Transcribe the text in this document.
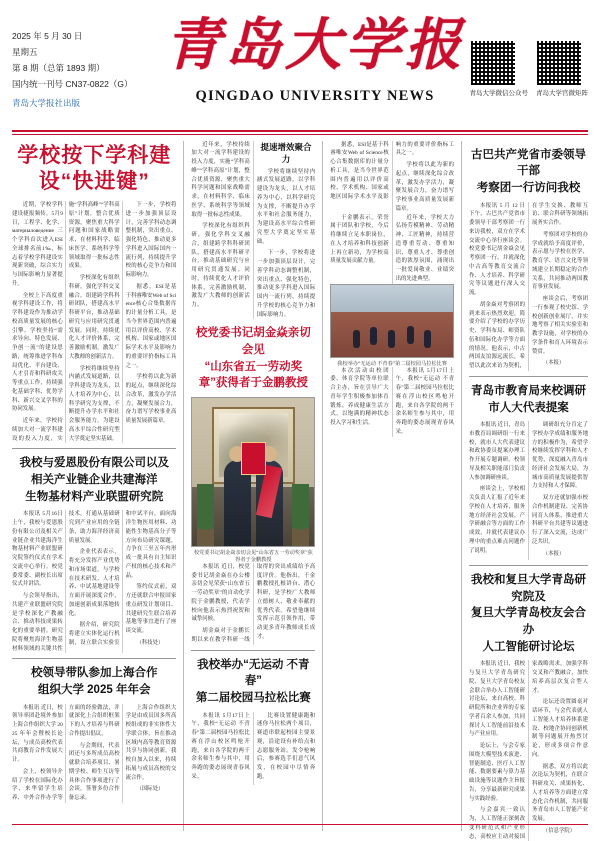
2025 年 5 月 30 日
星期五
第 8 期（总第 1893 期）
国内统一刊号 CN37-0822（G）
青岛大学报社出版
青岛大学报
QINGDAO UNIVERSITY NEWS	青岛大学微信公众号 青岛大学官微矩阵
学校按下学科建设“快进键”

近期，学校学科建设捷报频传。5月9日，工程学、化学、материаловедение三个学科首次进入ESI全球排名前1‰，标志着学校学科建设实现新突破，综合实力与国际影响力显著提升。

全校上下高度重视学科建设工作，将学科建设作为推动学校高质量发展的核心引擎。学校坚持“需求导向、特色发展、争创一流”的建设思路，统筹推进学科布局优化、平台建设、人才引育和科研攻关等重点工作，持续强化基础学科、优势学科、新兴交叉学科的协同发展。

近年来，学校持续加大对一流学科建设的投入力度，实施“学科高峰”“学科高原”计划，整合优质资源，聚焦重大科学问题和国家战略需求，在材料科学、临床医学、系统科学等领域取得一批标志性成果。

学校深化有组织科研，强化学科交叉融合，组建跨学科科研团队，搭建高水平科研平台，推动基础研究与应用研究贯通发展。同时，持续优化人才评价体系，完善激励机制，激发广大教师的创新活力。

学校将继续坚持内涵式发展道路，以学科建设为龙头，以人才培养为中心，以科学研究为支撑，不断提升办学水平和社会服务能力，为建设高水平综合性研究型大学奠定坚实基础。

下一步，学校将进一步加强顶层设计，完善学科动态调整机制，突出重点、强化特色，推动更多学科进入国际国内一流行列，持续提升学校的核心竞争力和国际影响力。

据悉，ESI是基于科睿唯安Web of Science核心合集数据库的计量分析工具，是当今世界范围内普遍用以评价高校、学术机构、国家或地区国际学术水平及影响力的重要评价指标工具之一。

学校将以此为新的起点，继续深化综合改革，激发办学活力，凝聚发展合力，奋力谱写学校事业高质量发展新篇章。

我校与爱恩股份有限公司以及
相关产业链企业共建海洋
生物基材料产业联盟研究院

本报讯 5月16日上午，我校与爱恩股份有限公司及相关产业链企业共建海洋生物基材料产业联盟研究院签约仪式在学术交流中心举行。校党委常委、副校长出席仪式并讲话。

与会领导指出，共建产业联盟研究院是学校深化产教融合、推动科技成果转化的重要举措。研究院将聚焦海洋生物基材料领域的关键共性技术，打通从基础研究到产业应用的全链条，助力海洋经济高质量发展。

企业代表表示，将充分发挥产业优势和市场渠道，与学校在技术研发、人才培养、中试基地建设等方面开展深度合作，加速创新成果落地转化。

据介绍，研究院将建立实体化运行机制，设立联合实验室和中试平台，面向海洋生物医用材料、功能性生物基高分子等方向布局研究课题，力争在三至五年内形成一批具有自主知识产权的核心技术和产品。

签约仪式前，双方还就联合申报国家重点研发计划项目、共建研究生联合培养基地等事宜进行了座谈交流。

（科技处）

校领导带队参加上海合作
组织大学 2025 年年会

本报讯 近日，校领导率团赴境外参加上海合作组织大学 2025 年年会暨校长论坛，与成员高校代表共商教育合作发展大计。

会上，校领导介绍了学校在国际化办学、来华留学生培养、中外合作办学等方面的经验做法，并就深化上合组织框架下的人才培养与科研合作提出倡议。

与会期间，代表团还与多所成员高校就联合培养项目、暑期学校、师生互访等具体合作事项进行了会谈，签署多份合作备忘录。

上海合作组织大学是由成员国多所高校组成的非实体性大学联合体，旨在推动区域内高等教育资源共享与协同创新。我校自加入以来，持续拓展与成员高校的交流合作。

（国际处）

近年来，学校持续加大对一流学科建设的投入力度，实施“学科高峰”“学科高原”计划，整合优质资源，聚焦重大科学问题和国家战略需求，在材料科学、临床医学、系统科学等领域取得一批标志性成果。

学校深化有组织科研，强化学科交叉融合，组建跨学科科研团队，搭建高水平科研平台，推动基础研究与应用研究贯通发展。同时，持续优化人才评价体系，完善激励机制，激发广大教师的创新活力。

提速增效聚合力

学校将继续坚持内涵式发展道路，以学科建设为龙头，以人才培养为中心，以科学研究为支撑，不断提升办学水平和社会服务能力，为建设高水平综合性研究型大学奠定坚实基础。

下一步，学校将进一步加强顶层设计，完善学科动态调整机制，突出重点、强化特色，推动更多学科进入国际国内一流行列，持续提升学校的核心竞争力和国际影响力。

校党委书记胡金焱亲切会见
“山东省五一劳动奖章”获得者于金鹏教授
校党委书记胡金焱亲切会见“山东省五一劳动奖章”获得者于金鹏教授

本报讯 近日，校党委书记胡金焱在办公楼亲切会见荣获“山东省五一劳动奖章”的自动化学院于金鹏教授，代表学校向他表示热烈祝贺和诚挚问候。

胡金焱对于金鹏长期以来在教学科研一线取得的突出成绩给予高度评价。他指出，于金鹏教授扎根讲台、潜心科研，是学校广大教师立德树人、敬业奉献的优秀代表。希望他继续发挥示范引领作用，带动更多青年教师成长成才。

我校举办“无运动 不青春”
第二届校园马拉松比赛

本报讯 5月17日上午，我校“无运动 不青春”第二届校园马拉松比赛在浮山校区鸣枪开跑，来自各学院的两千余名师生参与其中，用奔跑的姿态展现青春风采。

比赛设置健康跑和迷你马拉松两个项目，赛道串联起校园主要景观，沿途设有补给点和志愿服务站。发令枪响后，参赛选手们意气风发，在校园中尽情奔跑。

据悉，ESI是基于科睿唯安Web of Science核心合集数据库的计量分析工具，是当今世界范围内普遍用以评价高校、学术机构、国家或地区国际学术水平及影响力的重要评价指标工具之一。

学校将以此为新的起点，继续深化综合改革，激发办学活力，凝聚发展合力，奋力谱写学校事业高质量发展新篇章。

于金鹏表示，荣誉属于团队和学校，今后将继续立足本职岗位，在人才培养和科技创新上再立新功，为学校高质量发展贡献力量。

近年来，学校大力弘扬劳模精神、劳动精神、工匠精神，持续营造尊重劳动、尊重知识、尊重人才、尊重创造的浓厚氛围，涌现出一批爱岗敬业、业绩突出的先进典型。

我校举办“无运动 不青春”第二届校园马拉松比赛

本次活动由校团委、体育学院等单位联合主办，旨在引导广大青年学生积极参加体育锻炼，养成健康生活方式，以饱满的精神状态投入学习和生活。

本报讯 5月17日上午，我校“无运动 不青春”第二届校园马拉松比赛在浮山校区鸣枪开跑，来自各学院的两千余名师生参与其中，用奔跑的姿态展现青春风采。

古巴共产党省市委领导干部
考察团一行访问我校

本报讯 5 月 12 日下午，古巴共产党省市委领导干部考察团一行来访我校，双方在学术交流中心举行座谈会。校党委书记胡金焱会见考察团一行，并就深化中古高等教育交流合作、人才培养、科学研究等议题进行深入交流。

胡金焱对考察团的到来表示热烈欢迎，简要介绍了学校的办学历史、学科布局、师资队伍和国际化办学等方面的情况。他表示，中古两国友谊源远流长，希望以此次来访为契机，在学生交换、教师互访、联合科研等领域拓展务实合作。

考察团对学校的办学成就给予高度评价，表示愿与学校在医学、教育学、语言文化等领域建立长期稳定的合作关系，共同推动两国教育事业发展。

座谈会后，考察团一行参观了校史馆、学校创新创业展厅，并实地考察了相关实验室和教学设施，对学校的办学条件和育人环境表示赞赏。

（本报）

青岛市教育局来校调研
市人大代表提案

本报讯 近日，青岛市教育局调研组一行来校，就市人大代表建议和政协委员提案办理工作开展专题调研。校领导及相关职能部门负责人参加调研座谈。

座谈会上，学校相关负责人汇报了近年来学校在人才培养、服务地方经济社会发展、产学研融合等方面的工作成效，并就代表建议办理中的重点难点问题作了说明。

调研组充分肯定了学校办学成绩和服务地方的积极作为，希望学校继续发挥学科和人才优势，深度融入青岛市经济社会发展大局，为城市高质量发展提供智力支持和人才保障。

双方还就加强市校合作机制建设、完善协同育人体系、推进重大科研平台共建等议题进行了深入交流，达成广泛共识。

（本报）

我校和复旦大学青岛研究院及
复旦大学青岛校友会合办
人工智能研讨论坛

本报讯 近日，我校与复旦大学青岛研究院、复旦大学青岛校友会联合举办人工智能研讨论坛，来自高校、科研院所和企业界的专家学者百余人参加，共同探讨人工智能前沿技术与产业应用。

论坛上，与会专家围绕大模型技术演进、智能制造、医疗人工智能、数据要素与算力基础设施等议题作主旨报告，分享最新研究成果与实践经验。

与会嘉宾一致认为，人工智能正深刻改变科研范式和产业形态，高校应主动对接国家战略需求，加强学科交叉和产教融合，加快培养高层次复合型人才。

论坛还设置圆桌对话环节，与会代表就人工智能人才培养体系建设、校地企协同创新机制等问题展开热烈讨论，形成多项合作意向。

据悉，双方将以此次论坛为契机，在联合科研攻关、成果转化、人才培养等方面建立常态化合作机制，共同服务青岛市人工智能产业发展。

（信息学院）
